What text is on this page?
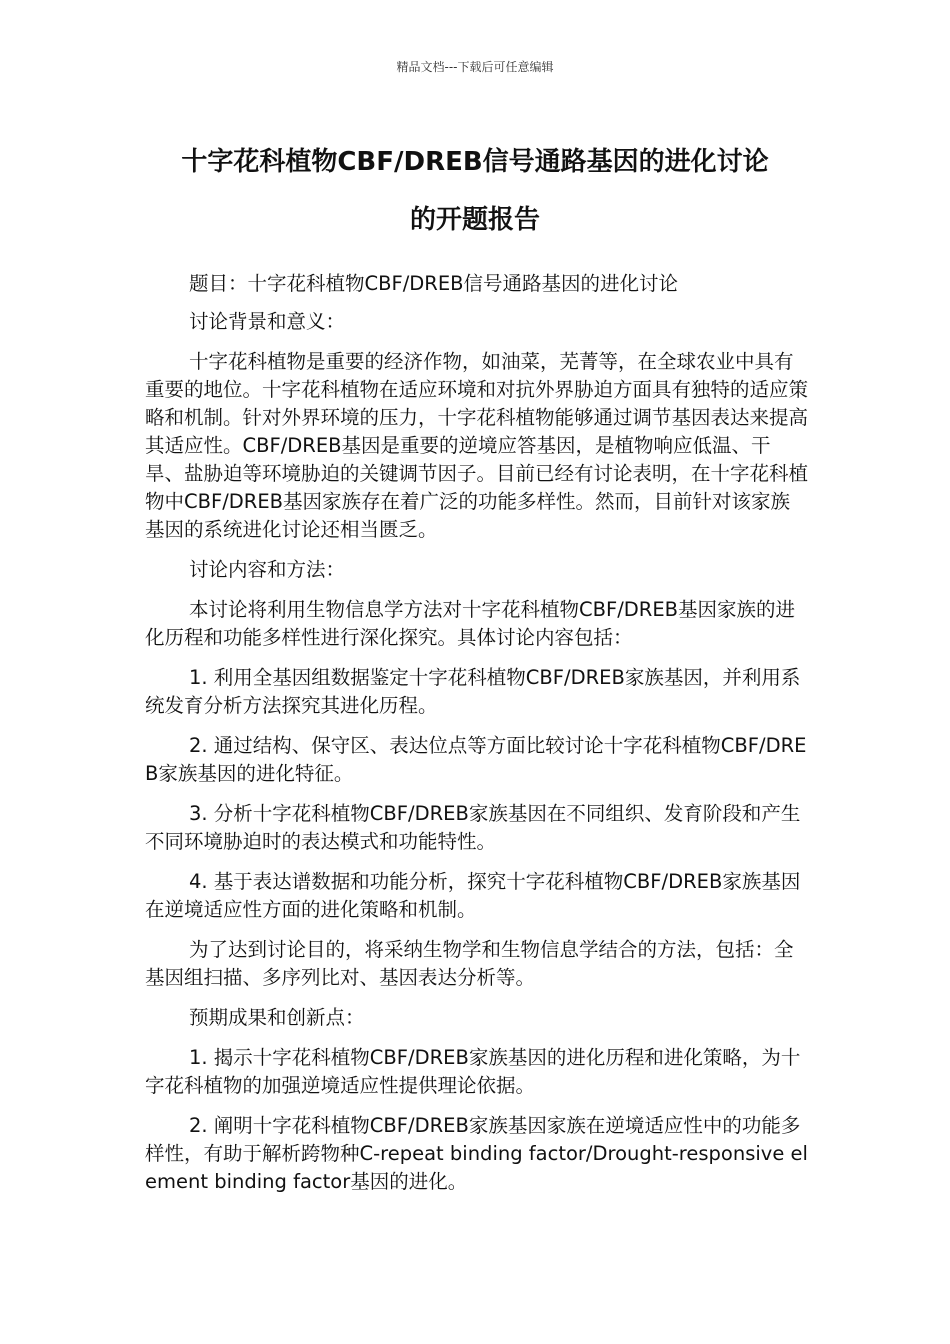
精品文档---下载后可任意编辑
十字花科植物CBF/DREB信号通路基因的进化讨论
的开题报告

题目：十字花科植物CBF/DREB信号通路基因的进化讨论

讨论背景和意义：

十字花科植物是重要的经济作物，如油菜，芜菁等，在全球农业中具有重要的地位。十字花科植物在适应环境和对抗外界胁迫方面具有独特的适应策略和机制。针对外界环境的压力，十字花科植物能够通过调节基因表达来提高其适应性。CBF/DREB基因是重要的逆境应答基因，是植物响应低温、干旱、盐胁迫等环境胁迫的关键调节因子。目前已经有讨论表明，在十字花科植物中CBF/DREB基因家族存在着广泛的功能多样性。然而，目前针对该家族基因的系统进化讨论还相当匮乏。

讨论内容和方法：

本讨论将利用生物信息学方法对十字花科植物CBF/DREB基因家族的进化历程和功能多样性进行深化探究。具体讨论内容包括：

1. 利用全基因组数据鉴定十字花科植物CBF/DREB家族基因，并利用系统发育分析方法探究其进化历程。

2. 通过结构、保守区、表达位点等方面比较讨论十字花科植物CBF/DREB家族基因的进化特征。

3. 分析十字花科植物CBF/DREB家族基因在不同组织、发育阶段和产生不同环境胁迫时的表达模式和功能特性。

4. 基于表达谱数据和功能分析，探究十字花科植物CBF/DREB家族基因在逆境适应性方面的进化策略和机制。

为了达到讨论目的，将采纳生物学和生物信息学结合的方法，包括：全基因组扫描、多序列比对、基因表达分析等。

预期成果和创新点：

1. 揭示十字花科植物CBF/DREB家族基因的进化历程和进化策略，为十字花科植物的加强逆境适应性提供理论依据。

2. 阐明十字花科植物CBF/DREB家族基因家族在逆境适应性中的功能多样性，有助于解析跨物种C-repeat binding factor/Drought-responsive element binding factor基因的进化。
